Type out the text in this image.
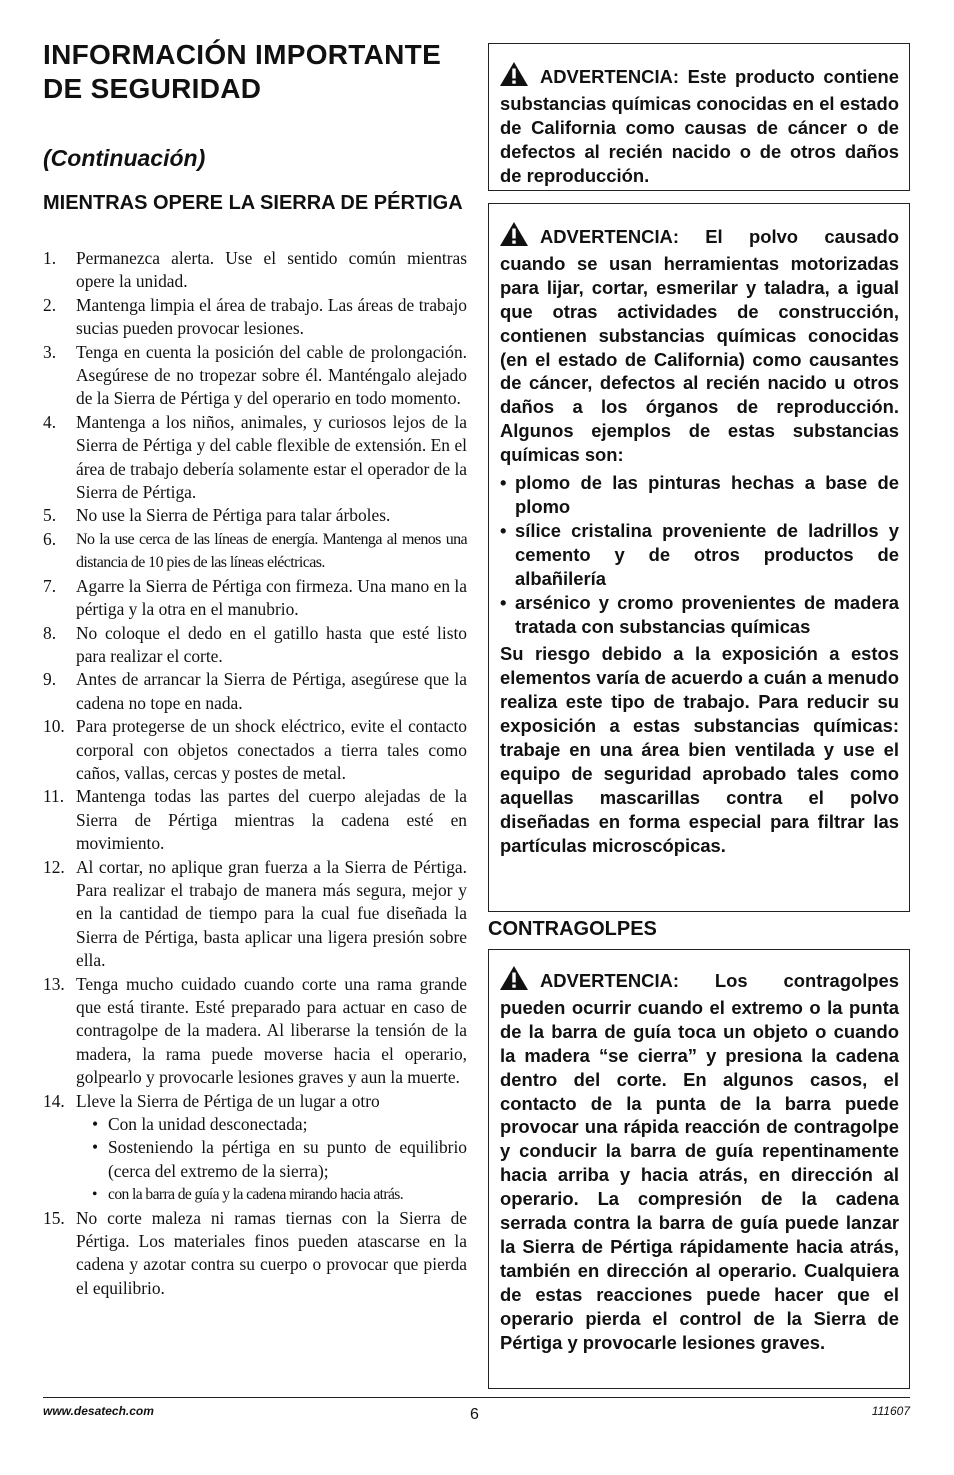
INFORMACIÓN IMPORTANTE DE SEGURIDAD
(Continuación)
MIENTRAS OPERE LA SIERRA DE PÉRTIGA
1. Permanezca alerta. Use el sentido común mientras opere la unidad.
2. Mantenga limpia el área de trabajo. Las áreas de trabajo sucias pueden provocar lesiones.
3. Tenga en cuenta la posición del cable de prolongación. Asegúrese de no tropezar sobre él. Manténgalo alejado de la Sierra de Pértiga y del operario en todo momento.
4. Mantenga a los niños, animales, y curiosos lejos de la Sierra de Pértiga y del cable flexible de extensión. En el área de trabajo debería solamente estar el operador de la Sierra de Pértiga.
5. No use la Sierra de Pértiga para talar árboles.
6. No la use cerca de las líneas de energía. Mantenga al menos una distancia de 10 pies de las líneas eléctricas.
7. Agarre la Sierra de Pértiga con firmeza. Una mano en la pértiga y la otra en el manubrio.
8. No coloque el dedo en el gatillo hasta que esté listo para realizar el corte.
9. Antes de arrancar la Sierra de Pértiga, asegúrese que la cadena no tope en nada.
10. Para protegerse de un shock eléctrico, evite el contacto corporal con objetos conectados a tierra tales como caños, vallas, cercas y postes de metal.
11. Mantenga todas las partes del cuerpo alejadas de la Sierra de Pértiga mientras la cadena esté en movimiento.
12. Al cortar, no aplique gran fuerza a la Sierra de Pértiga. Para realizar el trabajo de manera más segura, mejor y en la cantidad de tiempo para la cual fue diseñada la Sierra de Pértiga, basta aplicar una ligera presión sobre ella.
13. Tenga mucho cuidado cuando corte una rama grande que está tirante. Esté preparado para actuar en caso de contragolpe de la madera. Al liberarse la tensión de la madera, la rama puede moverse hacia el operario, golpearlo y provocarle lesiones graves y aun la muerte.
14. Lleve la Sierra de Pértiga de un lugar a otro
• Con la unidad desconectada;
• Sosteniendo la pértiga en su punto de equilibrio (cerca del extremo de la sierra);
• con la barra de guía y la cadena mirando hacia atrás.
15. No corte maleza ni ramas tiernas con la Sierra de Pértiga. Los materiales finos pueden atascarse en la cadena y azotar contra su cuerpo o provocar que pierda el equilibrio.

ADVERTENCIA: Este producto contiene substancias químicas conocidas en el estado de California como causas de cáncer o de defectos al recién nacido o de otros daños de reproducción.

ADVERTENCIA: El polvo causado cuando se usan herramientas motorizadas para lijar, cortar, esmerilar y taladra, a igual que otras actividades de construcción, contienen substancias químicas conocidas (en el estado de California) como causantes de cáncer, defectos al recién nacido u otros daños a los órganos de reproducción. Algunos ejemplos de estas substancias químicas son:

• plomo de las pinturas hechas a base de plomo
• sílice cristalina proveniente de ladrillos y cemento y de otros productos de albañilería
• arsénico y cromo provenientes de madera tratada con substancias químicas

Su riesgo debido a la exposición a estos elementos varía de acuerdo a cuán a menudo realiza este tipo de trabajo. Para reducir su exposición a estas substancias químicas: trabaje en una área bien ventilada y use el equipo de seguridad aprobado tales como aquellas mascarillas contra el polvo diseñadas en forma especial para filtrar las partículas microscópicas.

CONTRAGOLPES

ADVERTENCIA: Los contragolpes pueden ocurrir cuando el extremo o la punta de la barra de guía toca un objeto o cuando la madera “se cierra” y presiona la cadena dentro del corte. En algunos casos, el contacto de la punta de la barra puede provocar una rápida reacción de contragolpe y conducir la barra de guía repentinamente hacia arriba y hacia atrás, en dirección al operario. La compresión de la cadena serrada contra la barra de guía puede lanzar la Sierra de Pértiga rápidamente hacia atrás, también en dirección al operario. Cualquiera de estas reacciones puede hacer que el operario pierda el control de la Sierra de Pértiga y provocarle lesiones graves.

www.desatech.com	6	111607
